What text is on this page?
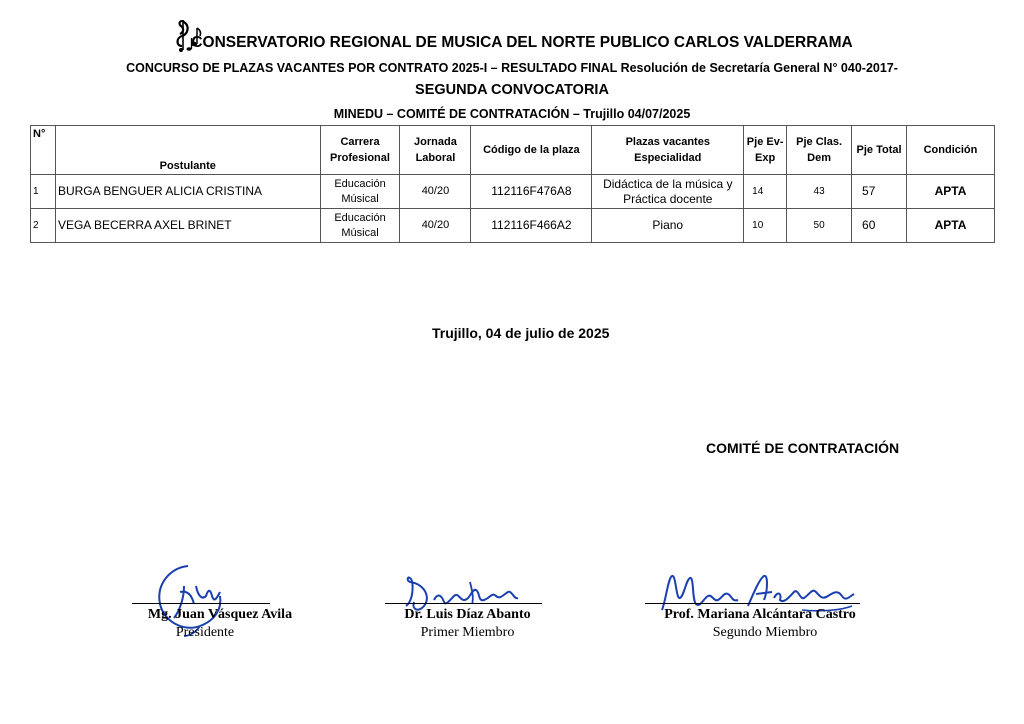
CONSERVATORIO REGIONAL DE MUSICA DEL NORTE PUBLICO CARLOS VALDERRAMA
CONCURSO DE PLAZAS VACANTES POR CONTRATO 2025-I – RESULTADO FINAL Resolución de Secretaría General N° 040-2017-
SEGUNDA CONVOCATORIA
MINEDU – COMITÉ DE CONTRATACIÓN – Trujillo 04/07/2025
N°	Postulante	Carrera Profesional	Jornada Laboral	Código de la plaza	Plazas vacantes Especialidad	Pje Ev-Exp	Pje Clas. Dem	Pje Total	Condición
1	BURGA BENGUER ALICIA CRISTINA	Educación Músical	40/20	112116F476A8	Didáctica de la música y Práctica docente	14	43	57	APTA
2	VEGA BECERRA AXEL BRINET	Educación Músical	40/20	112116F466A2	Piano	10	50	60	APTA
Trujillo, 04 de julio de 2025
COMITÉ DE CONTRATACIÓN
Mg. Juan Vásquez Avila
Presidente
Dr. Luis Díaz Abanto
Primer Miembro
Prof. Mariana Alcántara Castro
Segundo Miembro
